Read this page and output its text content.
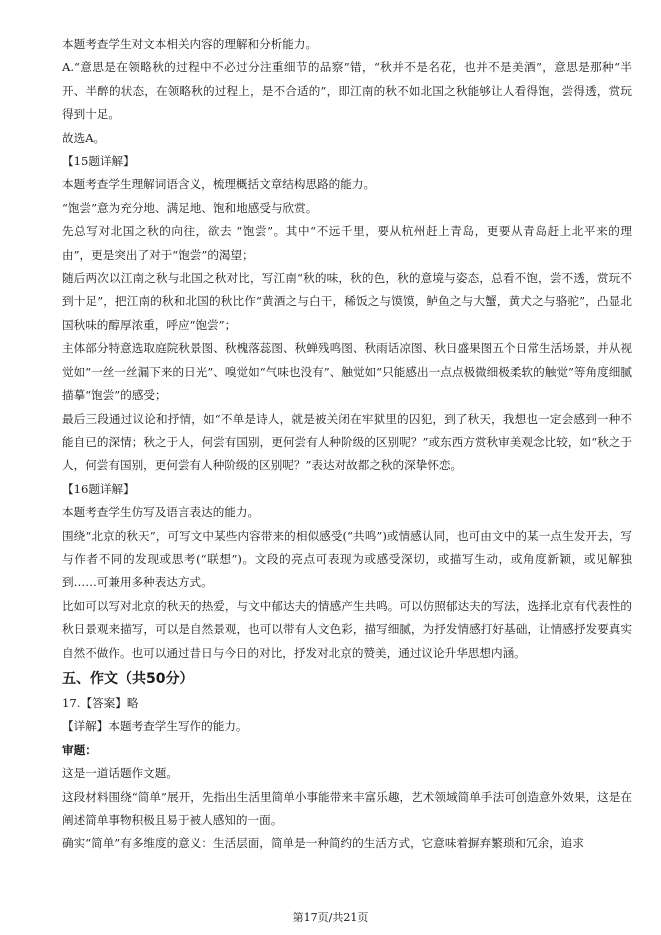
本题考查学生对文本相关内容的理解和分析能力。

A.“意思是在领略秋的过程中不必过分注重细节的品察”错，“秋并不是名花，也并不是美酒”，意思是那种“半开、半醉的状态，在领略秋的过程上，是不合适的”，即江南的秋不如北国之秋能够让人看得饱，尝得透，赏玩得到十足。

故选A。

【15题详解】

本题考查学生理解词语含义，梳理概括文章结构思路的能力。

“饱尝”意为充分地、满足地、饱和地感受与欣赏。

先总写对北国之秋的向往，欲去 “饱尝”。其中“不远千里，要从杭州赶上青岛，更要从青岛赶上北平来的理由”，更是突出了对于“饱尝”的渴望；

随后两次以江南之秋与北国之秋对比，写江南“秋的味，秋的色，秋的意境与姿态，总看不饱，尝不透，赏玩不到十足”，把江南的秋和北国的秋比作“黄酒之与白干，稀饭之与馍馍，鲈鱼之与大蟹，黄犬之与骆驼”，凸显北国秋味的醇厚浓重，呼应“饱尝”；

主体部分特意选取庭院秋景图、秋槐落蕊图、秋蝉残鸣图、秋雨话凉图、秋日盛果图五个日常生活场景，并从视觉如“一丝一丝漏下来的日光”、嗅觉如“气味也没有”、触觉如“只能感出一点点极微细极柔软的触觉”等角度细腻描摹“饱尝”的感受；

最后三段通过议论和抒情，如“不单是诗人，就是被关闭在牢狱里的囚犯，到了秋天，我想也一定会感到一种不能自已的深情；秋之于人，何尝有国别，更何尝有人种阶级的区别呢？”或东西方赏秋审美观念比较，如“秋之于人，何尝有国别，更何尝有人种阶级的区别呢？”表达对故都之秋的深挚怀恋。

【16题详解】

本题考查学生仿写及语言表达的能力。

围绕“北京的秋天”，可写文中某些内容带来的相似感受(“共鸣”)或情感认同，也可由文中的某一点生发开去，写与作者不同的发现或思考(“联想”)。文段的亮点可表现为或感受深切，或描写生动，或角度新颖，或见解独到……可兼用多种表达方式。

比如可以写对北京的秋天的热爱，与文中郁达夫的情感产生共鸣。可以仿照郁达夫的写法，选择北京有代表性的秋日景观来描写，可以是自然景观，也可以带有人文色彩，描写细腻，为抒发情感打好基础，让情感抒发要真实自然不做作。也可以通过昔日与今日的对比，抒发对北京的赞美，通过议论升华思想内涵。

五、作文（共50分）

17.【答案】略

【详解】本题考查学生写作的能力。

审题：

这是一道话题作文题。

这段材料围绕“简单”展开，先指出生活里简单小事能带来丰富乐趣，艺术领域简单手法可创造意外效果，这是在阐述简单事物积极且易于被人感知的一面。

确实“简单”有多维度的意义：生活层面，简单是一种简约的生活方式，它意味着摒弃繁琐和冗余，追求

第17页/共21页
